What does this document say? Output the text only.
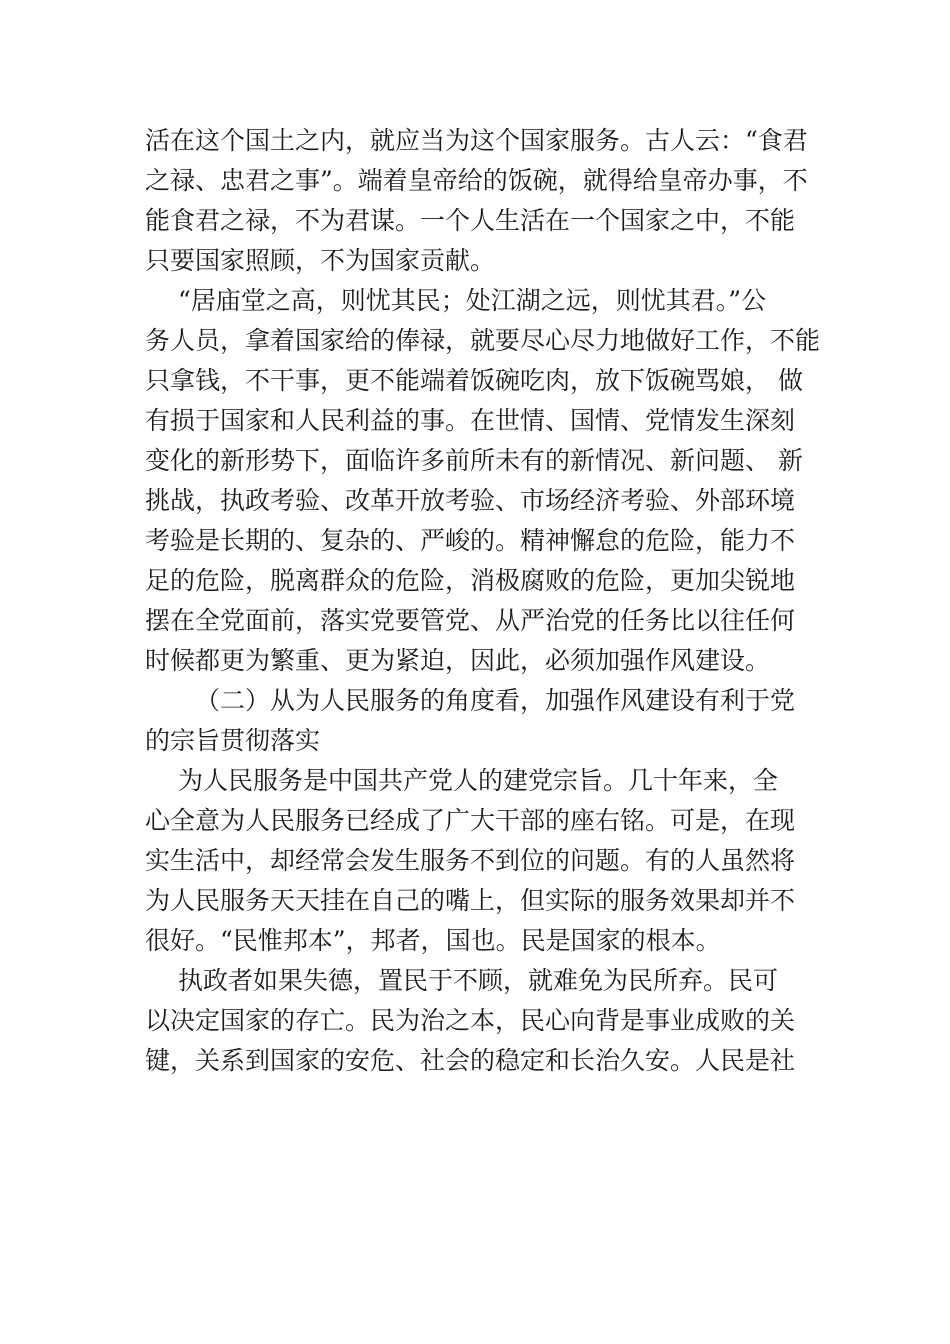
活在这个国土之内，就应当为这个国家服务。古人云：“食君
之禄、忠君之事”。端着皇帝给的饭碗，就得给皇帝办事，不
能食君之禄，不为君谋。一个人生活在一个国家之中，不能
只要国家照顾，不为国家贡献。
“居庙堂之高，则忧其民；处江湖之远，则忧其君。”公
务人员，拿着国家给的俸禄，就要尽心尽力地做好工作，不能
只拿钱，不干事，更不能端着饭碗吃肉，放下饭碗骂娘， 做
有损于国家和人民利益的事。在世情、国情、党情发生深刻
变化的新形势下，面临许多前所未有的新情况、新问题、 新
挑战，执政考验、改革开放考验、市场经济考验、外部环境
考验是长期的、复杂的、严峻的。精神懈怠的危险，能力不
足的危险，脱离群众的危险，消极腐败的危险，更加尖锐地
摆在全党面前，落实党要管党、从严治党的任务比以往任何
时候都更为繁重、更为紧迫，因此，必须加强作风建设。
（二）从为人民服务的角度看，加强作风建设有利于党
的宗旨贯彻落实
为人民服务是中国共产党人的建党宗旨。几十年来，全
心全意为人民服务已经成了广大干部的座右铭。可是，在现
实生活中，却经常会发生服务不到位的问题。有的人虽然将
为人民服务天天挂在自己的嘴上，但实际的服务效果却并不
很好。“民惟邦本”，邦者，国也。民是国家的根本。
执政者如果失德，置民于不顾，就难免为民所弃。民可
以决定国家的存亡。民为治之本，民心向背是事业成败的关
键，关系到国家的安危、社会的稳定和长治久安。人民是社
